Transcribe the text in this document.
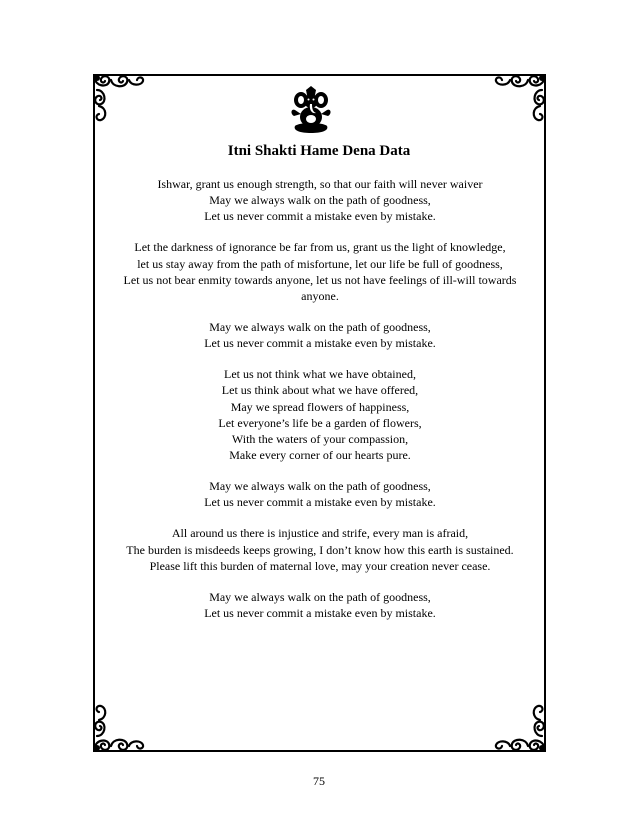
Itni Shakti Hame Dena Data
Ishwar, grant us enough strength, so that our faith will never waiver
May we always walk on the path of goodness,
Let us never commit a mistake even by mistake.
Let the darkness of ignorance be far from us, grant us the light of knowledge,
let us stay away from the path of misfortune, let our life be full of goodness,
Let us not bear enmity towards anyone, let us not have feelings of ill-will towards
anyone.
May we always walk on the path of goodness,
Let us never commit a mistake even by mistake.
Let us not think what we have obtained,
Let us think about what we have offered,
May we spread flowers of happiness,
Let everyone’s life be a garden of flowers,
With the waters of your compassion,
Make every corner of our hearts pure.
May we always walk on the path of goodness,
Let us never commit a mistake even by mistake.
All around us there is injustice and strife, every man is afraid,
The burden is misdeeds keeps growing, I don’t know how this earth is sustained.
Please lift this burden of maternal love, may your creation never cease.
May we always walk on the path of goodness,
Let us never commit a mistake even by mistake.
75
